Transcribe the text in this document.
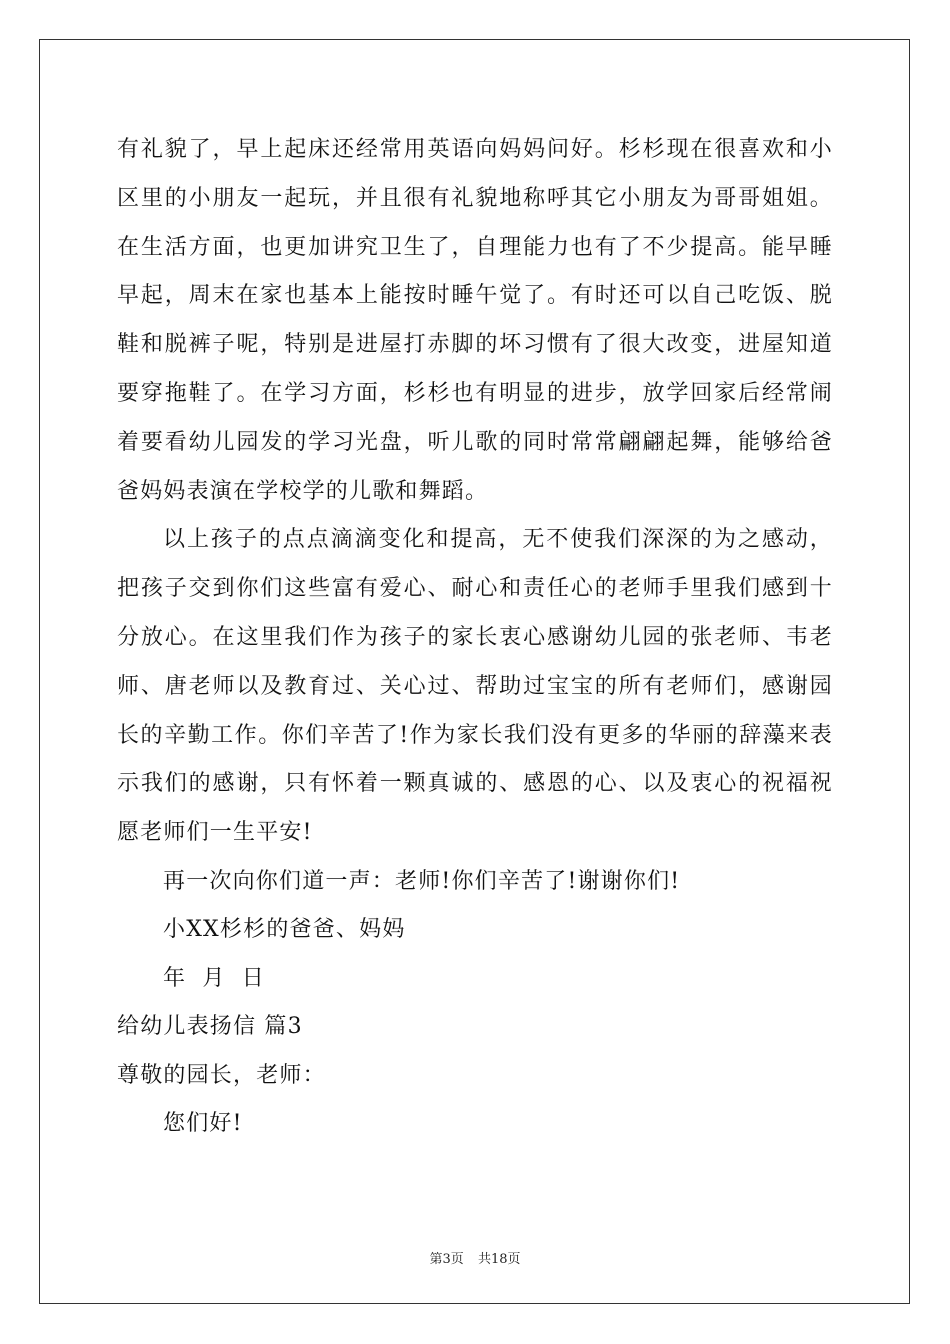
有礼貌了，早上起床还经常用英语向妈妈问好。杉杉现在很喜欢和小区里的小朋友一起玩，并且很有礼貌地称呼其它小朋友为哥哥姐姐。在生活方面，也更加讲究卫生了，自理能力也有了不少提高。能早睡早起，周末在家也基本上能按时睡午觉了。有时还可以自己吃饭、脱鞋和脱裤子呢，特别是进屋打赤脚的坏习惯有了很大改变，进屋知道要穿拖鞋了。在学习方面，杉杉也有明显的进步，放学回家后经常闹着要看幼儿园发的学习光盘，听儿歌的同时常常翩翩起舞，能够给爸爸妈妈表演在学校学的儿歌和舞蹈。

以上孩子的点点滴滴变化和提高，无不使我们深深的为之感动，把孩子交到你们这些富有爱心、耐心和责任心的老师手里我们感到十分放心。在这里我们作为孩子的家长衷心感谢幼儿园的张老师、韦老师、唐老师以及教育过、关心过、帮助过宝宝的所有老师们，感谢园长的辛勤工作。你们辛苦了!作为家长我们没有更多的华丽的辞藻来表示我们的感谢，只有怀着一颗真诚的、感恩的心、以及衷心的祝福祝愿老师们一生平安!

再一次向你们道一声：老师!你们辛苦了!谢谢你们!

小XX杉杉的爸爸、妈妈

年 月 日

给幼儿表扬信 篇3

尊敬的园长，老师：

您们好!

第3页 共18页
